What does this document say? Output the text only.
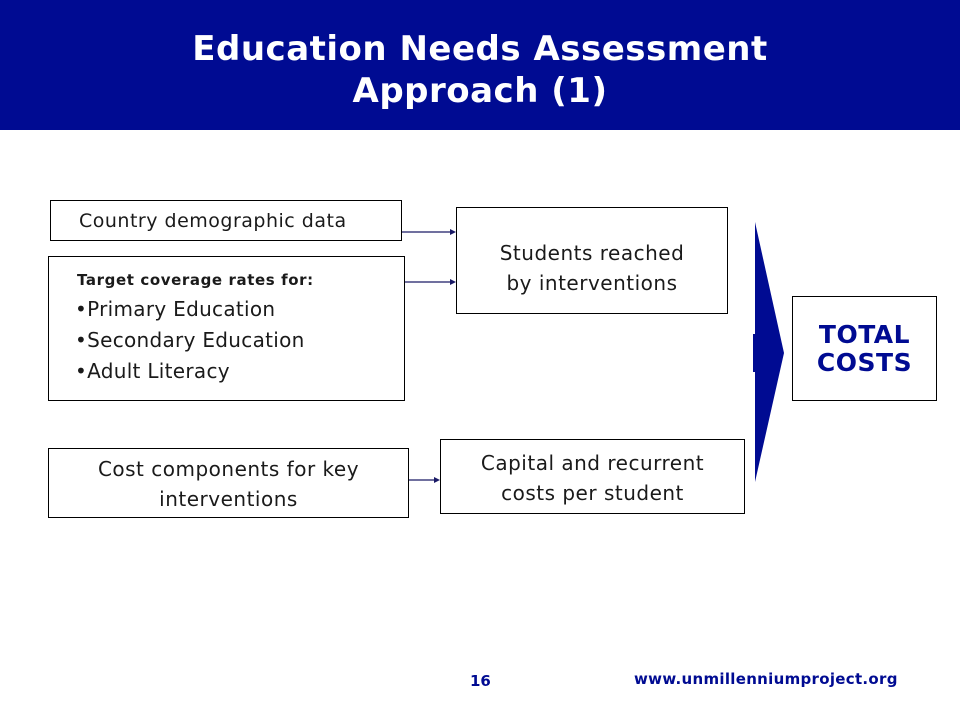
Education Needs Assessment
Approach (1)
Country demographic data
Target coverage rates for:
•Primary Education
•Secondary Education
•Adult Literacy
Cost components for key
interventions
Students reached
by interventions
Capital and recurrent
costs per student
TOTAL
COSTS
16	www.unmillenniumproject.org
